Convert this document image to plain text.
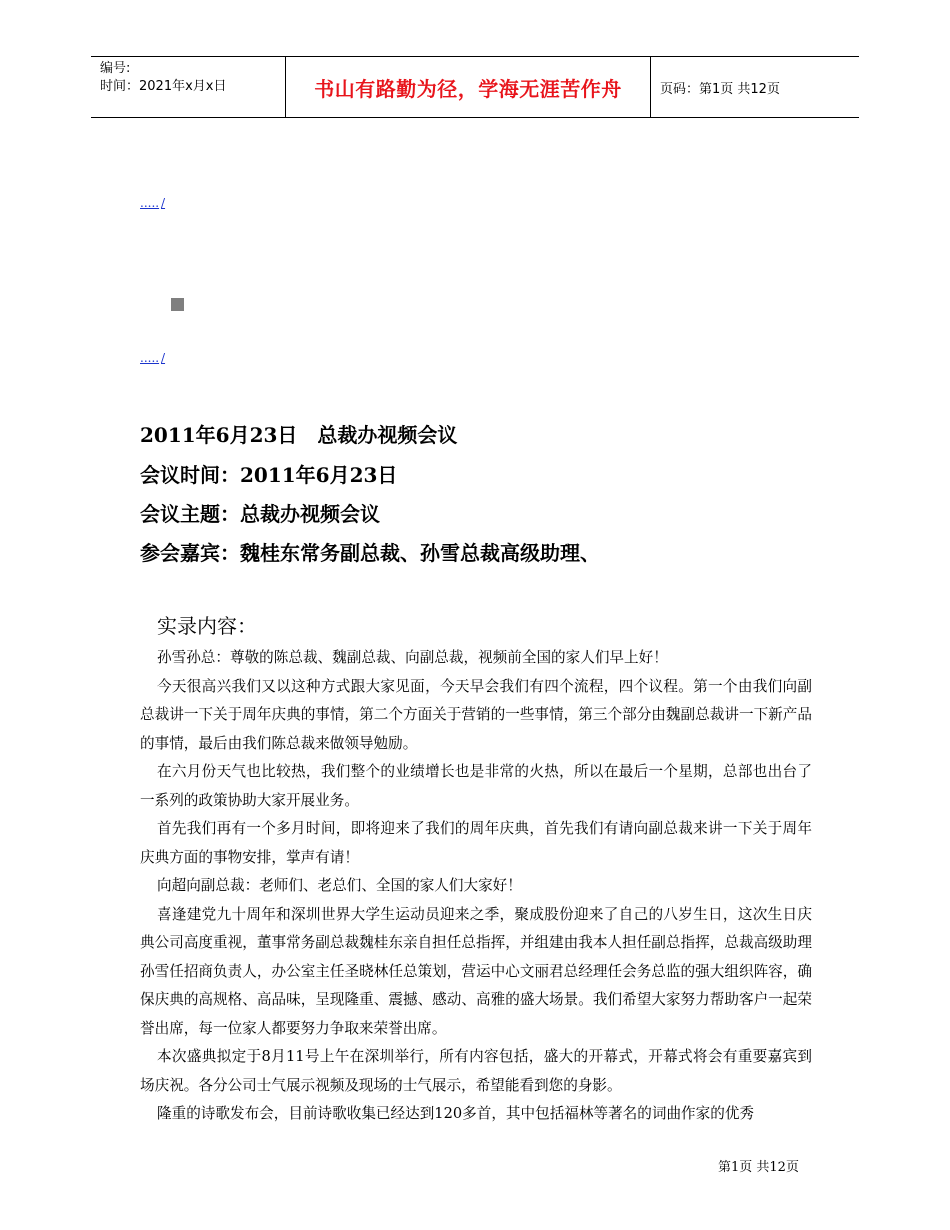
编号:
时间：2021年x月x日	书山有路勤为径，学海无涯苦作舟	页码：第1页 共12页
..... /
..... /
2011年6月23日　总裁办视频会议
会议时间：2011年6月23日
会议主题：总裁办视频会议
参会嘉宾：魏桂东常务副总裁、孙雪总裁高级助理、
实录内容：

孙雪孙总：尊敬的陈总裁、魏副总裁、向副总裁，视频前全国的家人们早上好！

今天很高兴我们又以这种方式跟大家见面，今天早会我们有四个流程，四个议程。第一个由我们向副总裁讲一下关于周年庆典的事情，第二个方面关于营销的一些事情，第三个部分由魏副总裁讲一下新产品的事情，最后由我们陈总裁来做领导勉励。

在六月份天气也比较热，我们整个的业绩增长也是非常的火热，所以在最后一个星期，总部也出台了一系列的政策协助大家开展业务。

首先我们再有一个多月时间，即将迎来了我们的周年庆典，首先我们有请向副总裁来讲一下关于周年庆典方面的事物安排，掌声有请！

向超向副总裁：老师们、老总们、全国的家人们大家好！

喜逢建党九十周年和深圳世界大学生运动员迎来之季，聚成股份迎来了自己的八岁生日，这次生日庆典公司高度重视，董事常务副总裁魏桂东亲自担任总指挥，并组建由我本人担任副总指挥，总裁高级助理孙雪任招商负责人，办公室主任圣晓林任总策划，营运中心文丽君总经理任会务总监的强大组织阵容，确保庆典的高规格、高品味，呈现隆重、震撼、感动、高雅的盛大场景。我们希望大家努力帮助客户一起荣誉出席，每一位家人都要努力争取来荣誉出席。

本次盛典拟定于8月11号上午在深圳举行，所有内容包括，盛大的开幕式，开幕式将会有重要嘉宾到场庆祝。各分公司士气展示视频及现场的士气展示，希望能看到您的身影。

隆重的诗歌发布会，目前诗歌收集已经达到120多首，其中包括福林等著名的词曲作家的优秀

第1页 共12页
